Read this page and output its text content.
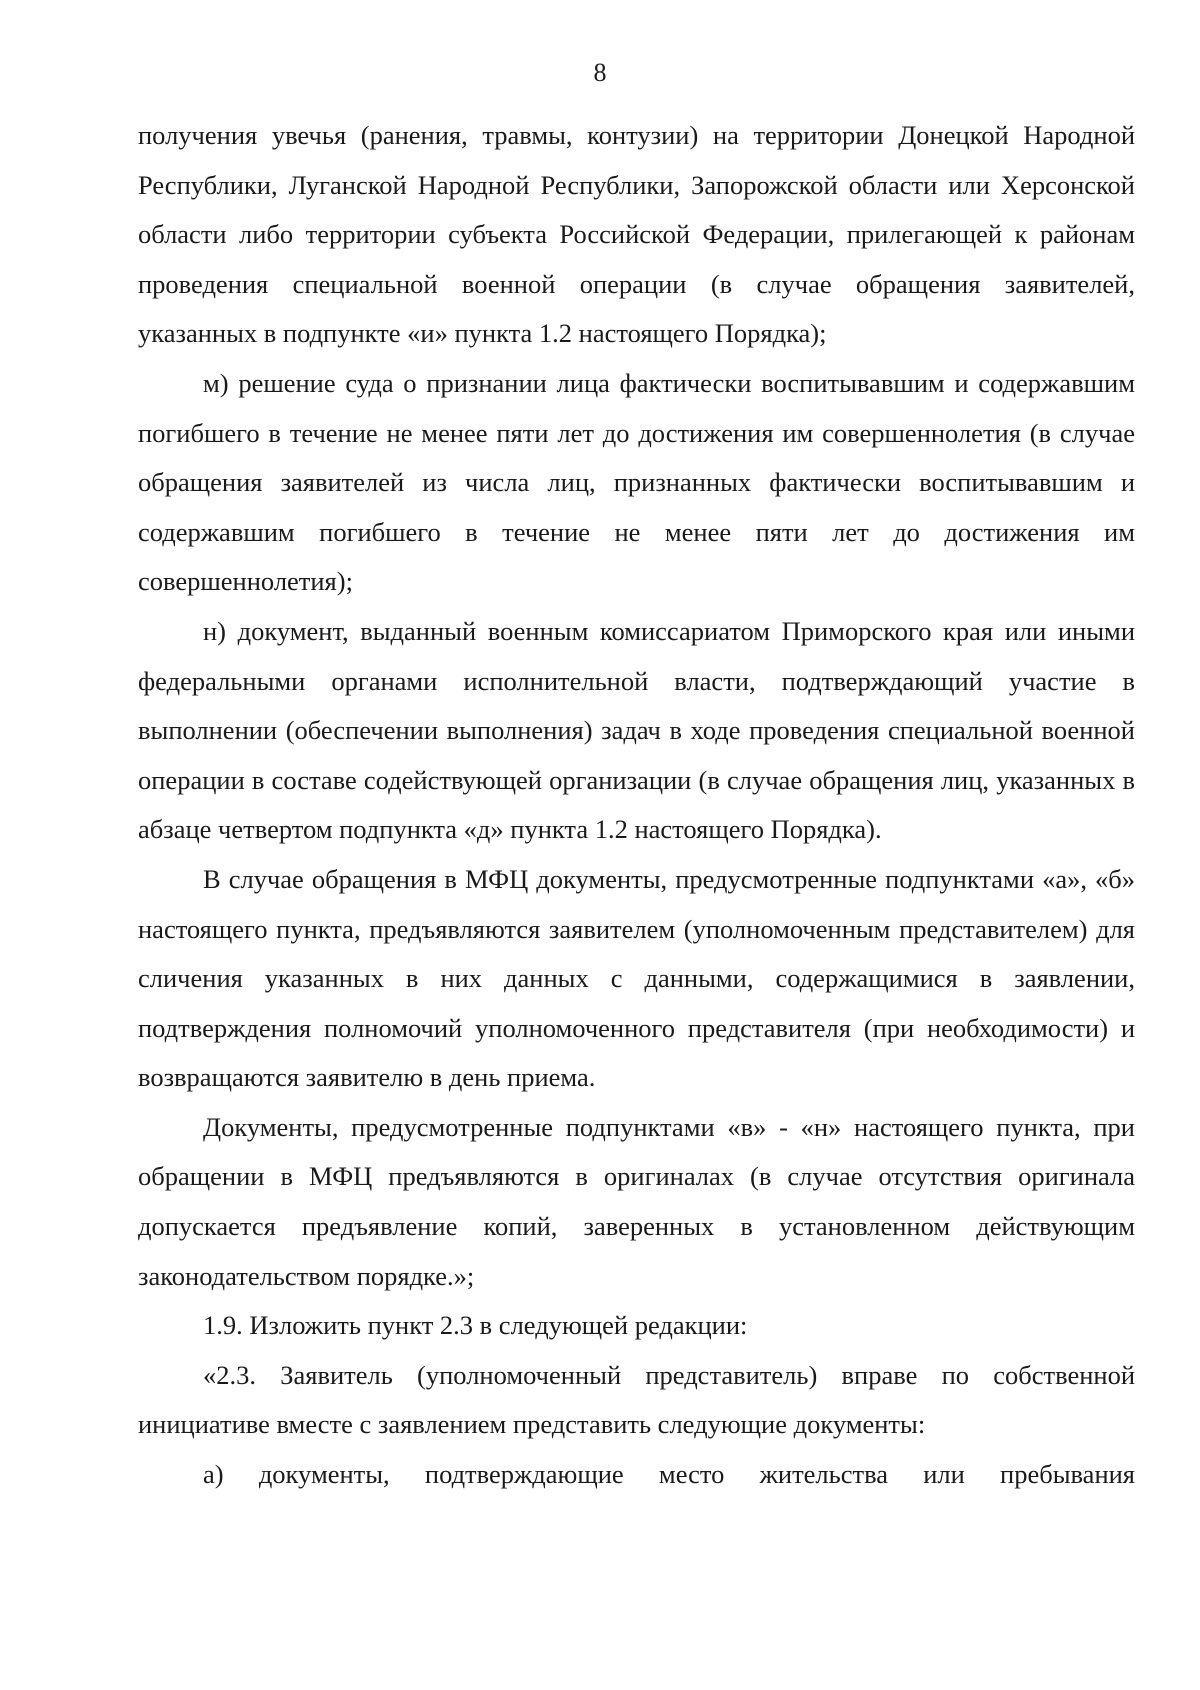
8

получения увечья (ранения, травмы, контузии) на территории Донецкой Народной Республики, Луганской Народной Республики, Запорожской области или Херсонской области либо территории субъекта Российской Федерации, прилегающей к районам проведения специальной военной операции (в случае обращения заявителей, указанных в подпункте «и» пункта 1.2 настоящего Порядка);

м) решение суда о признании лица фактически воспитывавшим и содержавшим погибшего в течение не менее пяти лет до достижения им совершеннолетия (в случае обращения заявителей из числа лиц, признанных фактически воспитывавшим и содержавшим погибшего в течение не менее пяти лет до достижения им совершеннолетия);

н) документ, выданный военным комиссариатом Приморского края или иными федеральными органами исполнительной власти, подтверждающий участие в выполнении (обеспечении выполнения) задач в ходе проведения специальной военной операции в составе содействующей организации (в случае обращения лиц, указанных в абзаце четвертом подпункта «д» пункта 1.2 настоящего Порядка).

В случае обращения в МФЦ документы, предусмотренные подпунктами «а», «б» настоящего пункта, предъявляются заявителем (уполномоченным представителем) для сличения указанных в них данных с данными, содержащимися в заявлении, подтверждения полномочий уполномоченного представителя (при необходимости) и возвращаются заявителю в день приема.

Документы, предусмотренные подпунктами «в» - «н» настоящего пункта, при обращении в МФЦ предъявляются в оригиналах (в случае отсутствия оригинала допускается предъявление копий, заверенных в установленном действующим законодательством порядке.»;

1.9. Изложить пункт 2.3 в следующей редакции:

«2.3. Заявитель (уполномоченный представитель) вправе по собственной инициативе вместе с заявлением представить следующие документы:

а) документы, подтверждающие место жительства или пребывания
